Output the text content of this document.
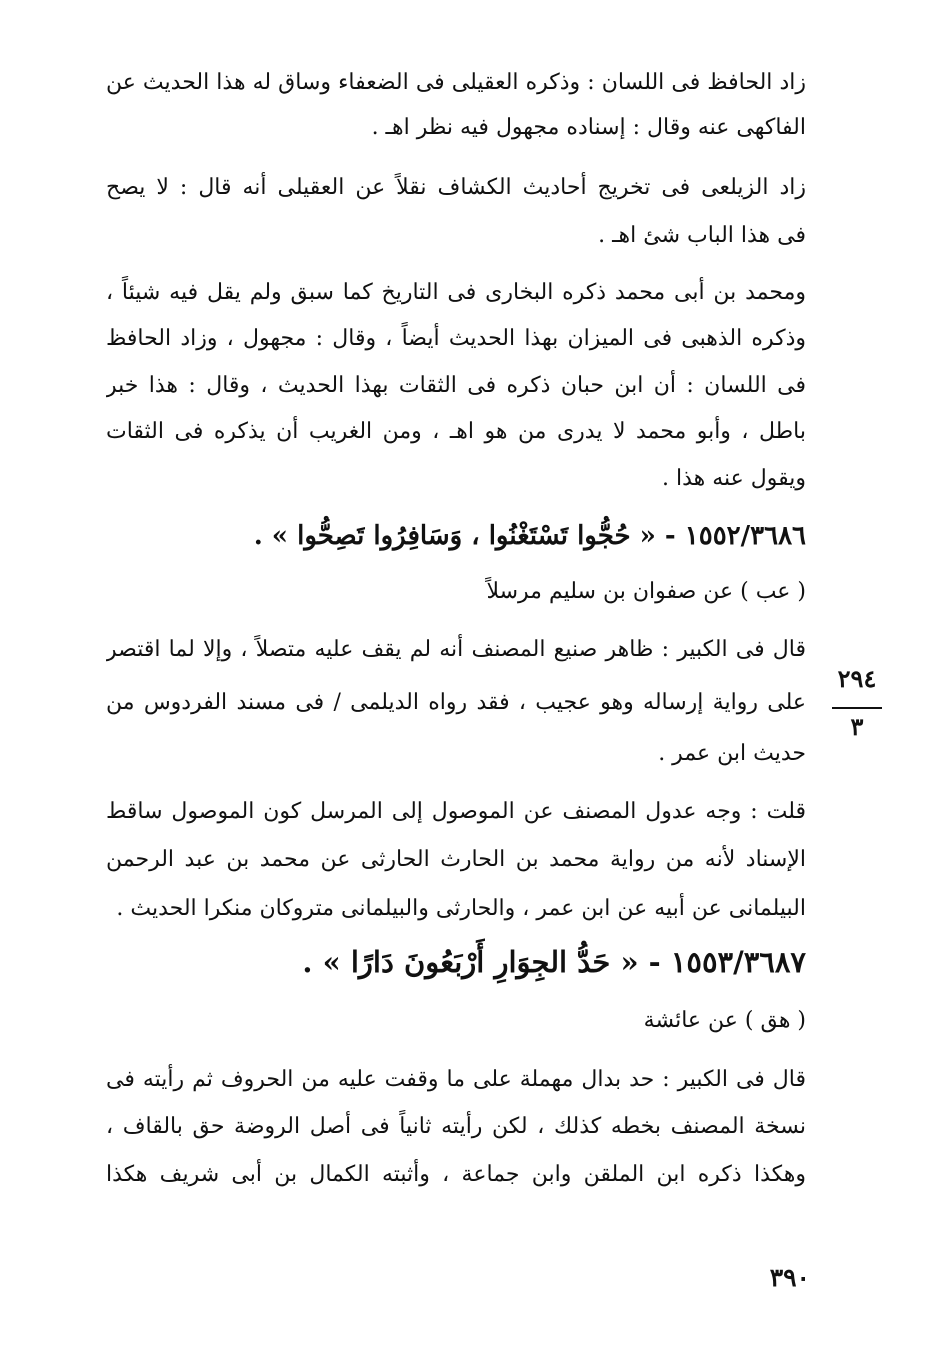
زاد الحافظ فى اللسان : وذكره العقيلى فى الضعفاء وساق له هذا الحديث عن
الفاكهى عنه وقال : إسناده مجهول فيه نظر اهـ .
زاد الزيلعى فى تخريج أحاديث الكشاف نقلاً عن العقيلى أنه قال : لا يصح
فى هذا الباب شئ اهـ .
ومحمد بن أبى محمد ذكره البخارى فى التاريخ كما سبق ولم يقل فيه شيئاً ،
وذكره الذهبى فى الميزان بهذا الحديث أيضاً ، وقال : مجهول ، وزاد الحافظ
فى اللسان : أن ابن حبان ذكره فى الثقات بهذا الحديث ، وقال : هذا خبر
باطل ، وأبو محمد لا يدرى من هو اهـ ، ومن الغريب أن يذكره فى الثقات
ويقول عنه هذا .
١٥٥٢/٣٦٨٦ - « حُجُّوا تَسْتَغْنُوا ، وَسَافِرُوا تَصِحُّوا » .
( عب ) عن صفوان بن سليم مرسلاً
قال فى الكبير : ظاهر صنيع المصنف أنه لم يقف عليه متصلاً ، وإلا لما اقتصر
على رواية إرساله وهو عجيب ، فقد رواه الديلمى / فى مسند الفردوس من
حديث ابن عمر .
قلت : وجه عدول المصنف عن الموصول إلى المرسل كون الموصول ساقط
الإسناد لأنه من رواية محمد بن الحارث الحارثى عن محمد بن عبد الرحمن
البيلمانى عن أبيه عن ابن عمر ، والحارثى والبيلمانى متروكان منكرا الحديث .
١٥٥٣/٣٦٨٧ - « حَدُّ الجِوَارِ أَرْبَعُونَ دَارًا » .
( هق ) عن عائشة
قال فى الكبير : حد بدال مهملة على ما وقفت عليه من الحروف ثم رأيته فى
نسخة المصنف بخطه كذلك ، لكن رأيته ثانياً فى أصل الروضة حق بالقاف ،
وهكذا ذكره ابن الملقن وابن جماعة ، وأثبته الكمال بن أبى شريف هكذا
٢٩٤
٣
٣٩٠
